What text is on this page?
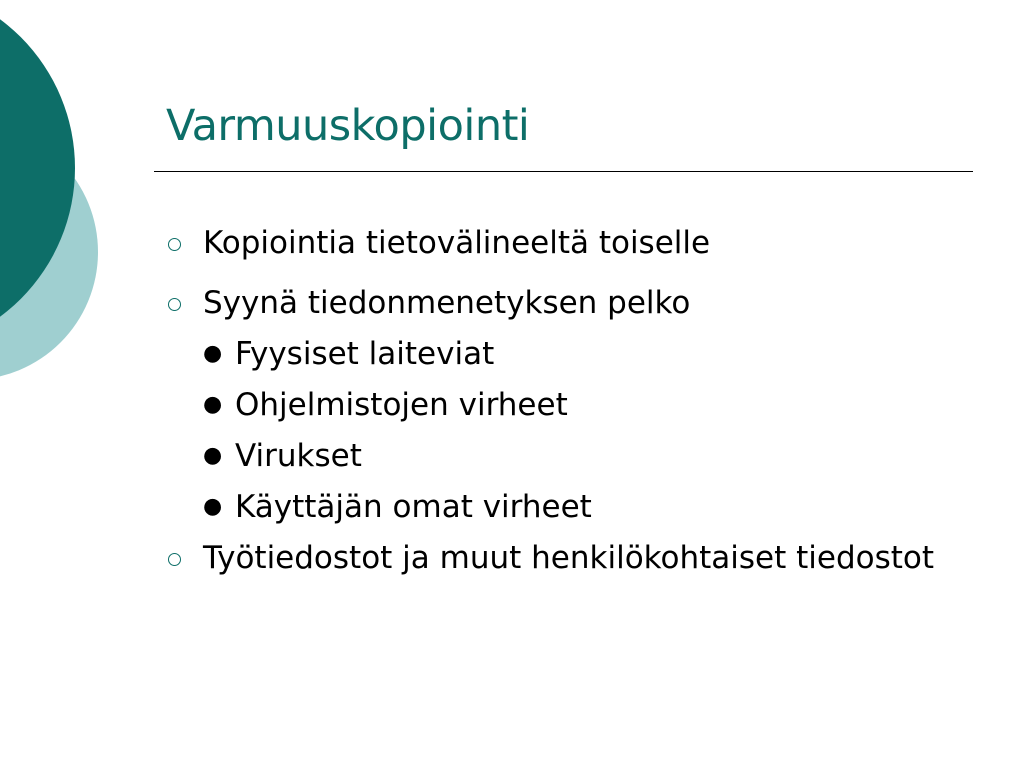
Varmuuskopiointi
Kopiointia tietovälineeltä toiselle
Syynä tiedonmenetyksen pelko
● Fyysiset laiteviat
● Ohjelmistojen virheet
● Virukset
● Käyttäjän omat virheet
Työtiedostot ja muut henkilökohtaiset tiedostot
